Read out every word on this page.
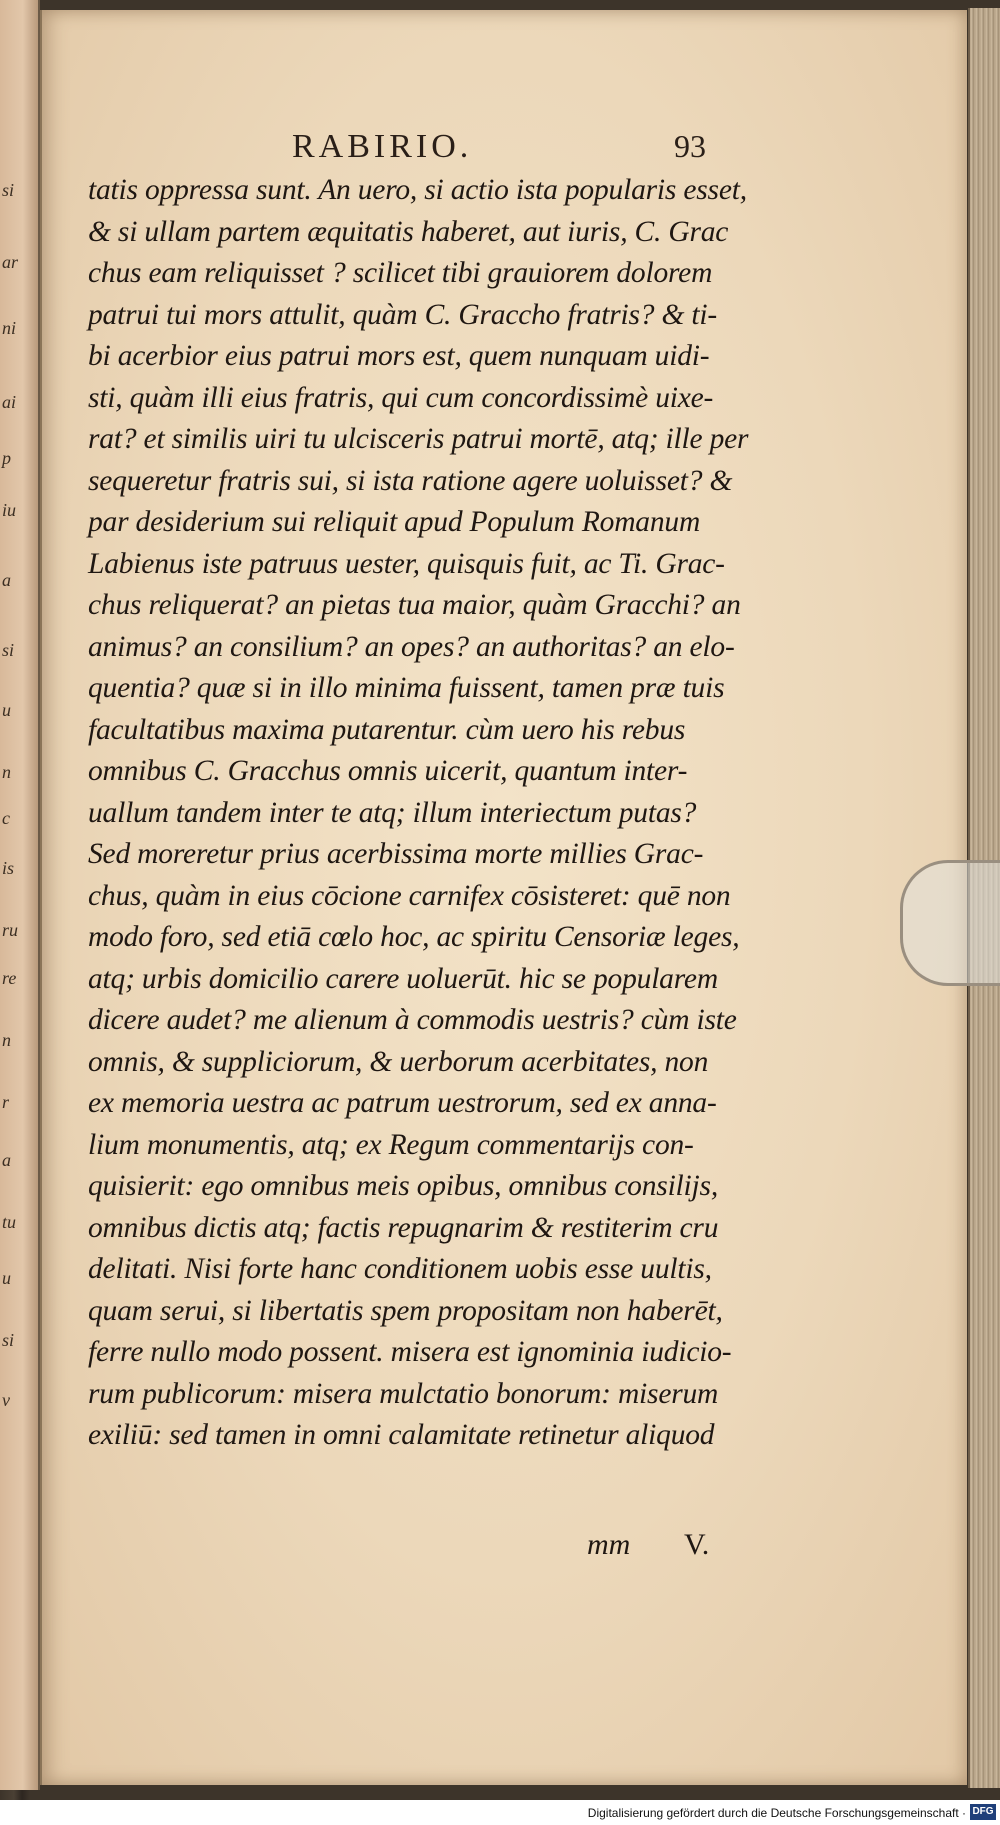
si
ar
ni
ai
p
iu
a
si
u
n
c
is
ru
re
n
r
a
tu
u
si
v
RABIRIO.	93
tatis oppressa sunt. An uero, si actio ista popularis esset,
& si ullam partem æquitatis haberet, aut iuris, C. Grac
chus eam reliquisset ? scilicet tibi grauiorem dolorem
patrui tui mors attulit, quàm C. Graccho fratris? & ti-
bi acerbior eius patrui mors est, quem nunquam uidi-
sti, quàm illi eius fratris, qui cum concordissimè uixe-
rat? et similis uiri tu ulcisceris patrui mortē, atq; ille per
sequeretur fratris sui, si ista ratione agere uoluisset? &
par desiderium sui reliquit apud Populum Romanum
Labienus iste patruus uester, quisquis fuit, ac Ti. Grac-
chus reliquerat? an pietas tua maior, quàm Gracchi? an
animus? an consilium? an opes? an authoritas? an elo-
quentia? quæ si in illo minima fuissent, tamen præ tuis
facultatibus maxima putarentur. cùm uero his rebus
omnibus C. Gracchus omnis uicerit, quantum inter-
uallum tandem inter te atq; illum interiectum putas?
Sed moreretur prius acerbissima morte millies Grac-
chus, quàm in eius cōcione carnifex cōsisteret: quē non
modo foro, sed etiā cœlo hoc, ac spiritu Censoriæ leges,
atq; urbis domicilio carere uoluerūt. hic se popularem
dicere audet? me alienum à commodis uestris? cùm iste
omnis, & suppliciorum, & uerborum acerbitates, non
ex memoria uestra ac patrum uestrorum, sed ex anna-
lium monumentis, atq; ex Regum commentarijs con-
quisierit: ego omnibus meis opibus, omnibus consilijs,
omnibus dictis atq; factis repugnarim & restiterim cru
delitati. Nisi forte hanc conditionem uobis esse uultis,
quam serui, si libertatis spem propositam non haberēt,
ferre nullo modo possent. misera est ignominia iudicio-
rum publicorum: misera mulctatio bonorum: miserum
exiliū: sed tamen in omni calamitate retinetur aliquod
mm V.
Digitalisierung gefördert durch die Deutsche Forschungsgemeinschaft · DFG
